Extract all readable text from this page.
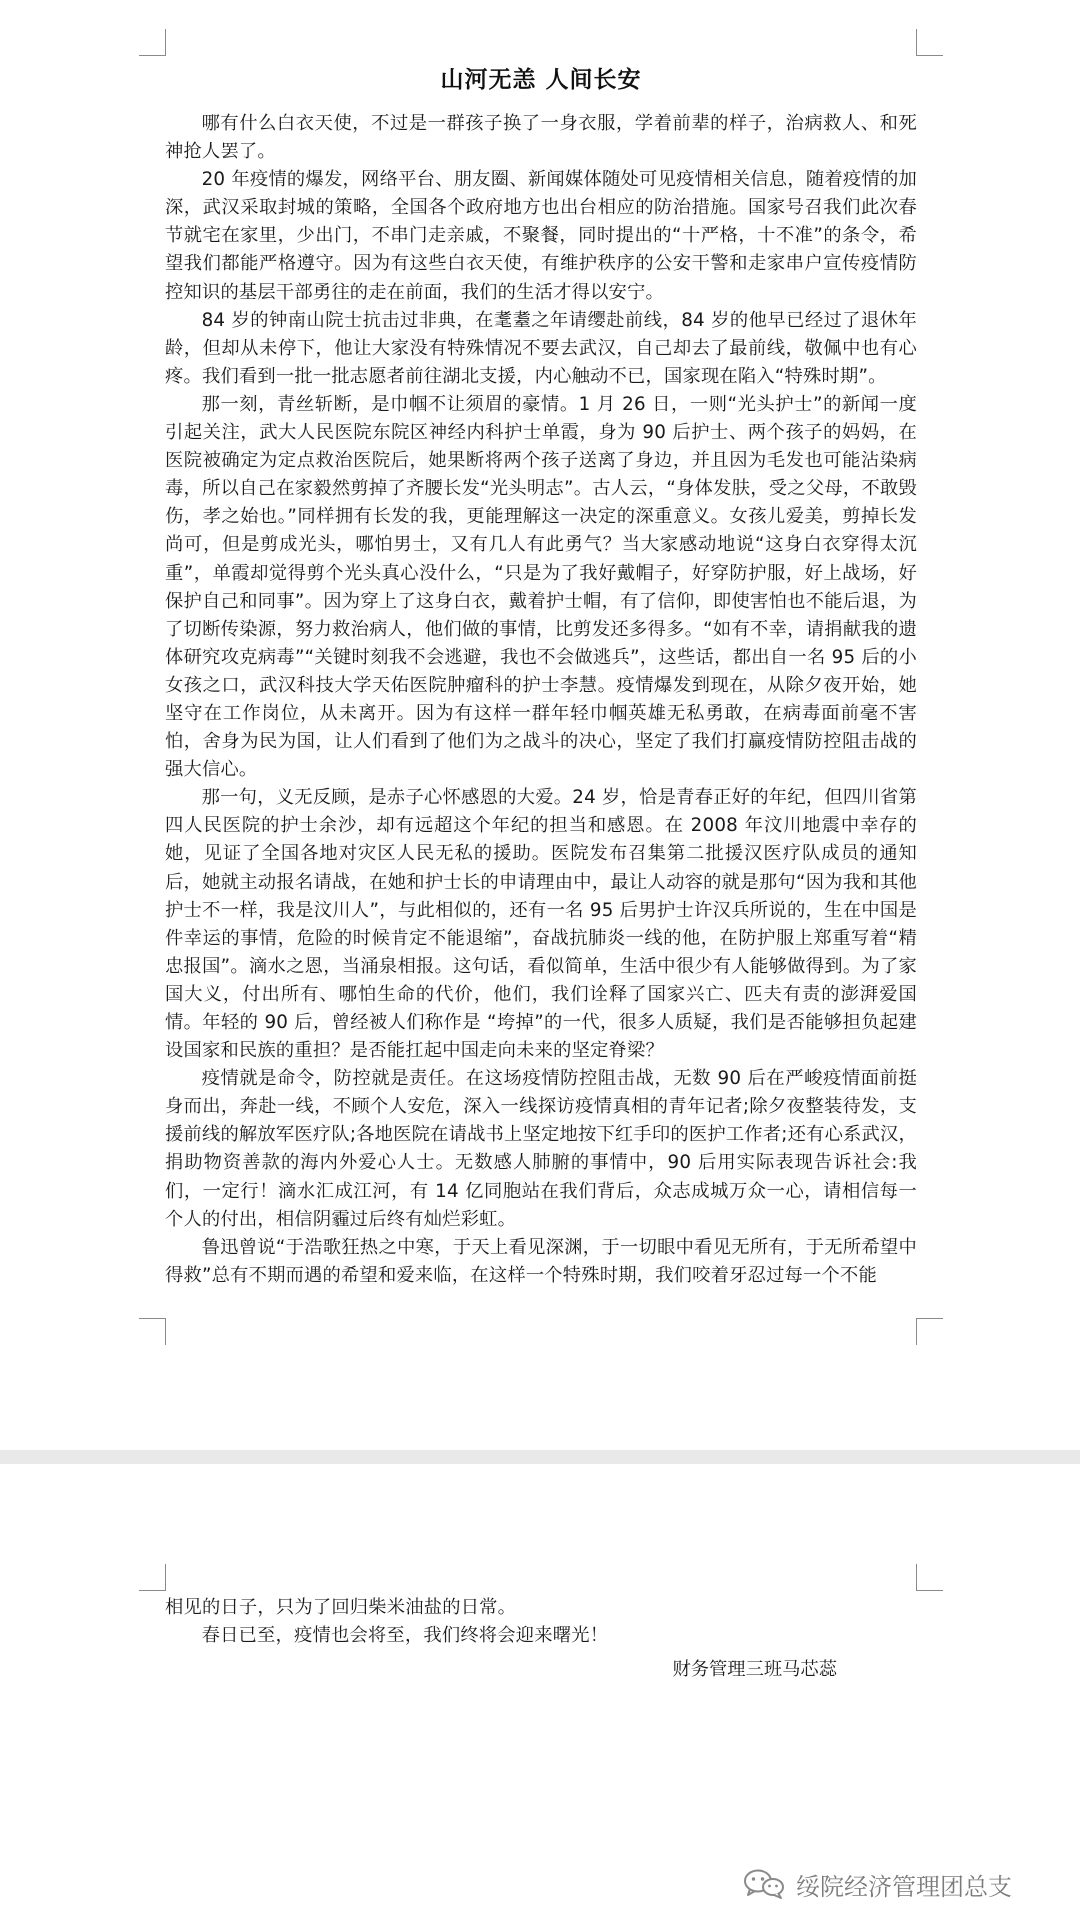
山河无恙 人间长安

哪有什么白衣天使，不过是一群孩子换了一身衣服，学着前辈的样子，治病救人、和死神抢人罢了。

20 年疫情的爆发，网络平台、朋友圈、新闻媒体随处可见疫情相关信息，随着疫情的加深，武汉采取封城的策略，全国各个政府地方也出台相应的防治措施。国家号召我们此次春节就宅在家里，少出门，不串门走亲戚，不聚餐，同时提出的“十严格，十不准”的条令，希望我们都能严格遵守。因为有这些白衣天使，有维护秩序的公安干警和走家串户宣传疫情防控知识的基层干部勇往的走在前面，我们的生活才得以安宁。

84 岁的钟南山院士抗击过非典，在耄耋之年请缨赴前线，84 岁的他早已经过了退休年龄，但却从未停下，他让大家没有特殊情况不要去武汉，自己却去了最前线，敬佩中也有心疼。我们看到一批一批志愿者前往湖北支援，内心触动不已，国家现在陷入“特殊时期”。

那一刻，青丝斩断，是巾帼不让须眉的豪情。1 月 26 日，一则“光头护士”的新闻一度引起关注，武大人民医院东院区神经内科护士单霞，身为 90 后护士、两个孩子的妈妈，在医院被确定为定点救治医院后，她果断将两个孩子送离了身边，并且因为毛发也可能沾染病毒，所以自己在家毅然剪掉了齐腰长发“光头明志”。古人云，“身体发肤，受之父母，不敢毁伤，孝之始也。”同样拥有长发的我，更能理解这一决定的深重意义。女孩儿爱美，剪掉长发尚可，但是剪成光头，哪怕男士，又有几人有此勇气？当大家感动地说“这身白衣穿得太沉重”，单霞却觉得剪个光头真心没什么，“只是为了我好戴帽子，好穿防护服，好上战场，好保护自己和同事”。因为穿上了这身白衣，戴着护士帽，有了信仰，即使害怕也不能后退，为了切断传染源，努力救治病人，他们做的事情，比剪发还多得多。“如有不幸，请捐献我的遗体研究攻克病毒”“关键时刻我不会逃避，我也不会做逃兵”，这些话，都出自一名 95 后的小女孩之口，武汉科技大学天佑医院肿瘤科的护士李慧。疫情爆发到现在，从除夕夜开始，她坚守在工作岗位，从未离开。因为有这样一群年轻巾帼英雄无私勇敢，在病毒面前毫不害怕，舍身为民为国，让人们看到了他们为之战斗的决心，坚定了我们打赢疫情防控阻击战的强大信心。

那一句，义无反顾，是赤子心怀感恩的大爱。24 岁，恰是青春正好的年纪，但四川省第四人民医院的护士余沙，却有远超这个年纪的担当和感恩。在 2008 年汶川地震中幸存的她，见证了全国各地对灾区人民无私的援助。医院发布召集第二批援汉医疗队成员的通知后，她就主动报名请战，在她和护士长的申请理由中，最让人动容的就是那句“因为我和其他护士不一样，我是汶川人”，与此相似的，还有一名 95 后男护士许汉兵所说的，生在中国是件幸运的事情，危险的时候肯定不能退缩”，奋战抗肺炎一线的他，在防护服上郑重写着“精忠报国”。滴水之恩，当涌泉相报。这句话，看似简单，生活中很少有人能够做得到。为了家国大义，付出所有、哪怕生命的代价，他们，我们诠释了国家兴亡、匹夫有责的澎湃爱国情。年轻的 90 后，曾经被人们称作是 “垮掉”的一代，很多人质疑，我们是否能够担负起建设国家和民族的重担？是否能扛起中国走向未来的坚定脊梁？

疫情就是命令，防控就是责任。在这场疫情防控阻击战，无数 90 后在严峻疫情面前挺身而出，奔赴一线，不顾个人安危，深入一线探访疫情真相的青年记者;除夕夜整装待发，支援前线的解放军医疗队;各地医院在请战书上坚定地按下红手印的医护工作者;还有心系武汉，捐助物资善款的海内外爱心人士。无数感人肺腑的事情中，90 后用实际表现告诉社会:我们，一定行！滴水汇成江河，有 14 亿同胞站在我们背后，众志成城万众一心，请相信每一个人的付出，相信阴霾过后终有灿烂彩虹。

鲁迅曾说“于浩歌狂热之中寒，于天上看见深渊，于一切眼中看见无所有，于无所希望中得救”总有不期而遇的希望和爱来临，在这样一个特殊时期，我们咬着牙忍过每一个不能

相见的日子，只为了回归柴米油盐的日常。

春日已至，疫情也会将至，我们终将会迎来曙光！

财务管理三班马芯蕊
绥院经济管理团总支
